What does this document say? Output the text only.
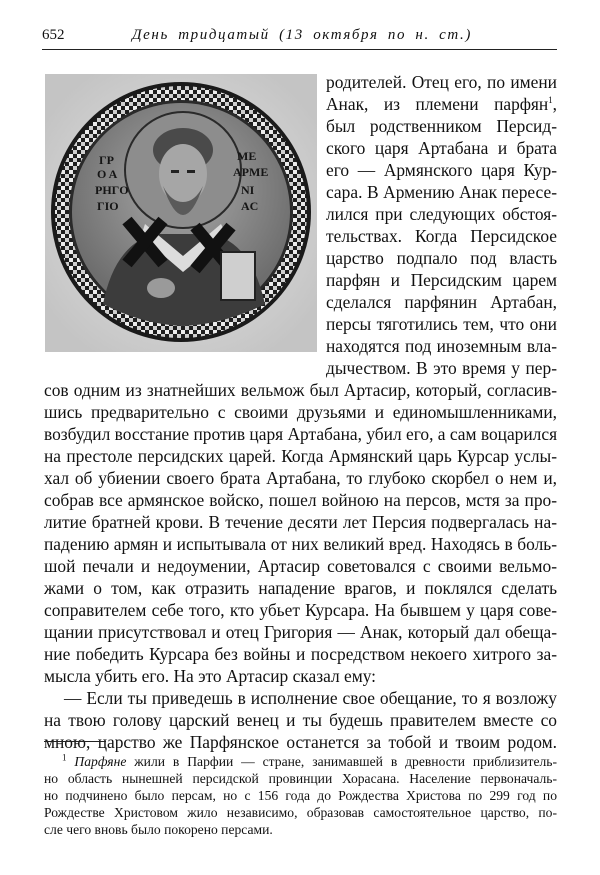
652	День тридцатый (13 октября по н. ст.)
ΓΡ
Ο Α
ΡΗΓΟ
ΓΙΟ
ΜΕ
ΑΡΜΕ
ΝΙ
ΑС
родителей. Отец его, по имени
Анак, из племени парфян$^1$,
был родственником Персид-
ского царя Артабана и брата
его — Армянского царя Кур-
сара. В Армению Анак пересе-
лился при следующих обстоя-
тельствах. Когда Персидское
царство подпало под власть
парфян и Персидским царем
сделался парфянин Артабан,
персы тяготились тем, что они
находятся под иноземным вла-
дычеством. В это время у пер-
сов одним из знатнейших вельмож был Артасир, который, согласив-
шись предварительно с своими друзьями и единомышленниками,
возбудил восстание против царя Артабана, убил его, а сам воцарился
на престоле персидских царей. Когда Армянский царь Курсар услы-
хал об убиении своего брата Артабана, то глубоко скорбел о нем и,
собрав все армянское войско, пошел войною на персов, мстя за про-
литие братней крови. В течение десяти лет Персия подвергалась на-
падению армян и испытывала от них великий вред. Находясь в боль-
шой печали и недоумении, Артасир советовался с своими вельмо-
жами о том, как отразить нападение врагов, и поклялся сделать
соправителем себе того, кто убьет Курсара. На бывшем у царя сове-
щании присутствовал и отец Григория — Анак, который дал обеща-
ние победить Курсара без войны и посредством некоего хитрого за-
мысла убить его. На это Артасир сказал ему:
— Если ты приведешь в исполнение свое обещание, то я возложу
на твою голову царский венец и ты будешь правителем вместе со
мною, царство же Парфянское останется за тобой и твоим родом.
$^1$ Парфяне жили в Парфии — стране, занимавшей в древности приблизитель-
но область нынешней персидской провинции Хорасана. Население первоначаль-
но подчинено было персам, но с 156 года до Рождества Христова по 299 год по
Рождестве Христовом жило независимо, образовав самостоятельное царство, по-
сле чего вновь было покорено персами.
